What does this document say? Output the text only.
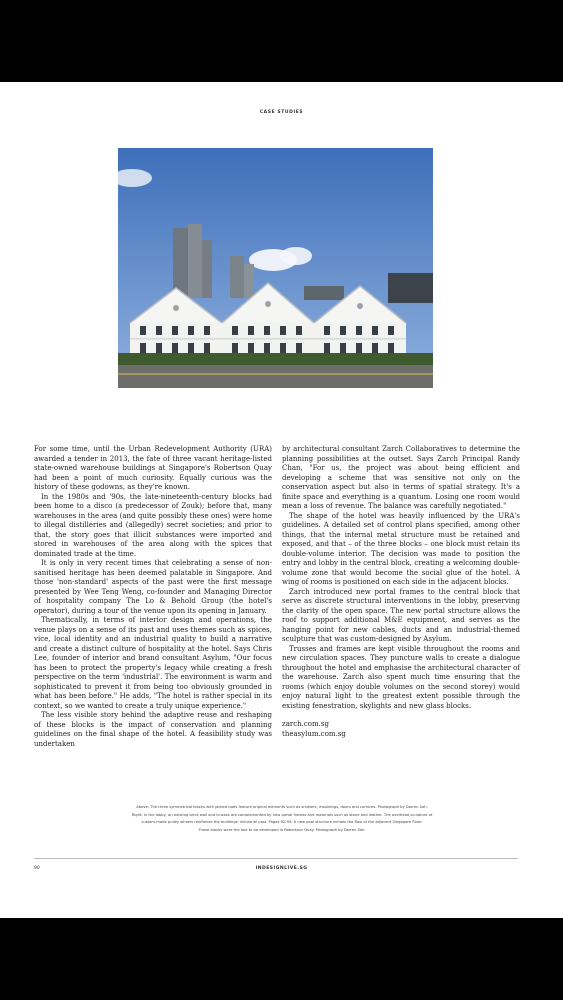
CASE STUDIES

For some time, until the Urban Redevelopment Authority (URA) awarded a tender in 2013, the fate of three vacant heritage-listed state-owned warehouse buildings at Singapore's Robertson Quay had been a point of much curiosity. Equally curious was the history of these godowns, as they're known.

In the 1980s and '90s, the late-nineteenth-century blocks had been home to a disco (a predecessor of Zouk); before that, many warehouses in the area (and quite possibly these ones) were home to illegal distilleries and (allegedly) secret societies; and prior to that, the story goes that illicit substances were imported and stored in warehouses of the area along with the spices that dominated trade at the time.

It is only in very recent times that celebrating a sense of non-sanitised heritage has been deemed palatable in Singapore. And those 'non-standard' aspects of the past were the first message presented by Wee Teng Weng, co-founder and Managing Director of hospitality company The Lo & Behold Group (the hotel's operator), during a tour of the venue upon its opening in January.

Thematically, in terms of interior design and operations, the venue plays on a sense of its past and uses themes such as spices, vice, local identity and an industrial quality to build a narrative and create a distinct culture of hospitality at the hotel. Says Chris Lee, founder of interior and brand consultant Asylum, "Our focus has been to protect the property's legacy while creating a fresh perspective on the term 'industrial'. The environment is warm and sophisticated to prevent it from being too obviously grounded in what has been before." He adds, "The hotel is rather special in its context, so we wanted to create a truly unique experience."

The less visible story behind the adaptive reuse and reshaping of these blocks is the impact of conservation and planning guidelines on the final shape of the hotel. A feasibility study was undertaken

by architectural consultant Zarch Collaboratives to determine the planning possibilities at the outset. Says Zarch Principal Randy Chan, "For us, the project was about being efficient and developing a scheme that was sensitive not only on the conservation aspect but also in terms of spatial strategy. It's a finite space and everything is a quantum. Losing one room would mean a loss of revenue. The balance was carefully negotiated."

The shape of the hotel was heavily influenced by the URA's guidelines. A detailed set of control plans specified, among other things, that the internal metal structure must be retained and exposed, and that – of the three blocks – one block must retain its double-volume interior. The decision was made to position the entry and lobby in the central block, creating a welcoming double-volume zone that would become the social glue of the hotel. A wing of rooms is positioned on each side in the adjacent blocks.

Zarch introduced new portal frames to the central block that serve as discrete structural interventions in the lobby, preserving the clarity of the open space. The new portal structure allows the roof to support additional M&E equipment, and serves as the hanging point for new cables, ducts and an industrial-themed sculpture that was custom-designed by Asylum.

Trusses and frames are kept visible throughout the rooms and new circulation spaces. They puncture walls to create a dialogue throughout the hotel and emphasise the architectural character of the warehouse. Zarch also spent much time ensuring that the rooms (which enjoy double volumes on the second storey) would enjoy natural light to the greatest extent possible through the existing fenestration, skylights and new glass blocks.

zarch.com.sg
theasylum.com.sg
Above: The three symmetrical blocks with jacked roofs feature original elements such as shutters, mouldings, doors and cornices. Photograph by Darren Soh.
Right: In the lobby, an existing brick wall and trusses are complemented by new portal frames and materials such as stone and leather. The overhead sculpture of
custom-made pulley wheels reinforces the buildings' industrial past. Pages 92-93: A new pool structure echoes the flow of the adjacent Singapore River.
These blocks were the last to be developed in Robertson Quay. Photograph by Darren Soh.
90	INDESIGNLIVE.SG
